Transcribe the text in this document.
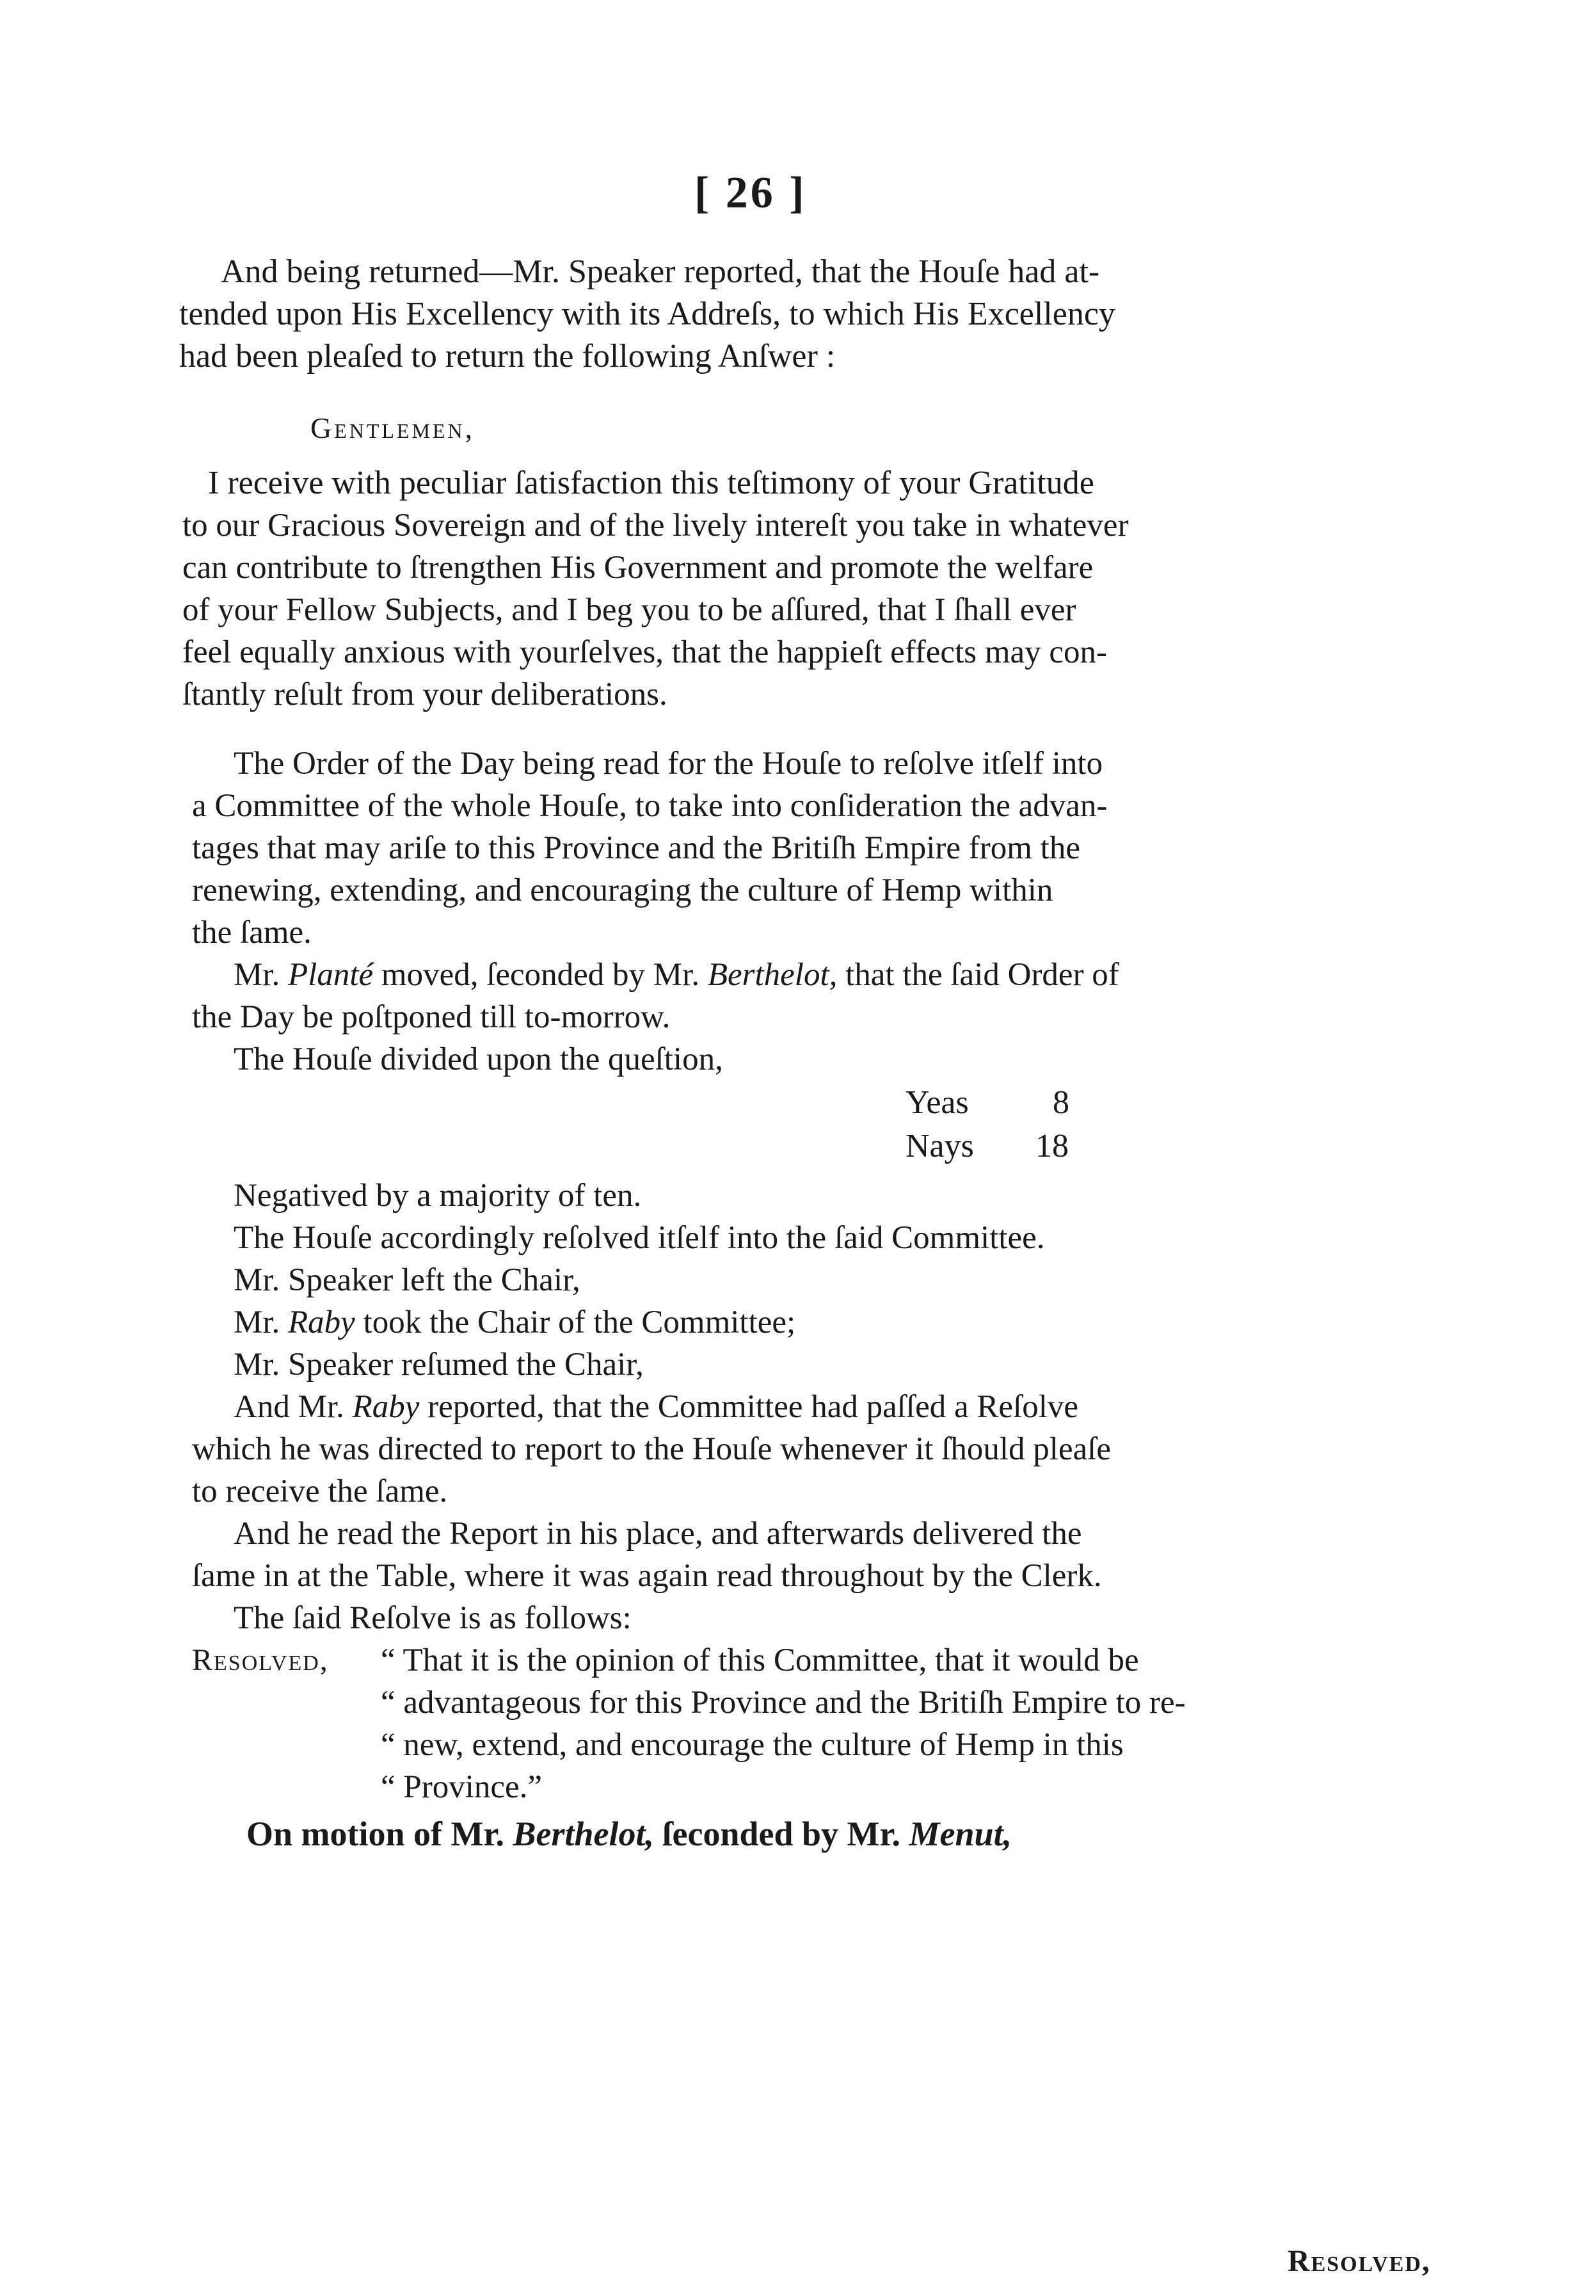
[ 26 ]
And being returned—Mr. Speaker reported, that the Houſe had at-
tended upon His Excellency with its Addreſs, to which His Excellency
had been pleaſed to return the following Anſwer :
Gentlemen,
I receive with peculiar ſatisfaction this teſtimony of your Gratitude
to our Gracious Sovereign and of the lively intereſt you take in whatever
can contribute to ſtrengthen His Government and promote the welfare
of your Fellow Subjects, and I beg you to be aſſured, that I ſhall ever
feel equally anxious with yourſelves, that the happieſt effects may con-
ſtantly reſult from your deliberations.
The Order of the Day being read for the Houſe to reſolve itſelf into
a Committee of the whole Houſe, to take into conſideration the advan-
tages that may ariſe to this Province and the Britiſh Empire from the
renewing, extending, and encouraging the culture of Hemp within
the ſame.
Mr. Planté moved, ſeconded by Mr. Berthelot, that the ſaid Order of
the Day be poſtponed till to-morrow.
The Houſe divided upon the queſtion,
Yeas	8
Nays 18
Negatived by a majority of ten.
The Houſe accordingly reſolved itſelf into the ſaid Committee.
Mr. Speaker left the Chair,
Mr. Raby took the Chair of the Committee;
Mr. Speaker reſumed the Chair,
And Mr. Raby reported, that the Committee had paſſed a Reſolve
which he was directed to report to the Houſe whenever it ſhould pleaſe
to receive the ſame.
And he read the Report in his place, and afterwards delivered the
ſame in at the Table, where it was again read throughout by the Clerk.
The ſaid Reſolve is as follows:
Resolved, “ That it is the opinion of this Committee, that it would be
“ advantageous for this Province and the Britiſh Empire to re-
“ new, extend, and encourage the culture of Hemp in this
“ Province.”
On motion of Mr. Berthelot, ſeconded by Mr. Menut,
Resolved,
